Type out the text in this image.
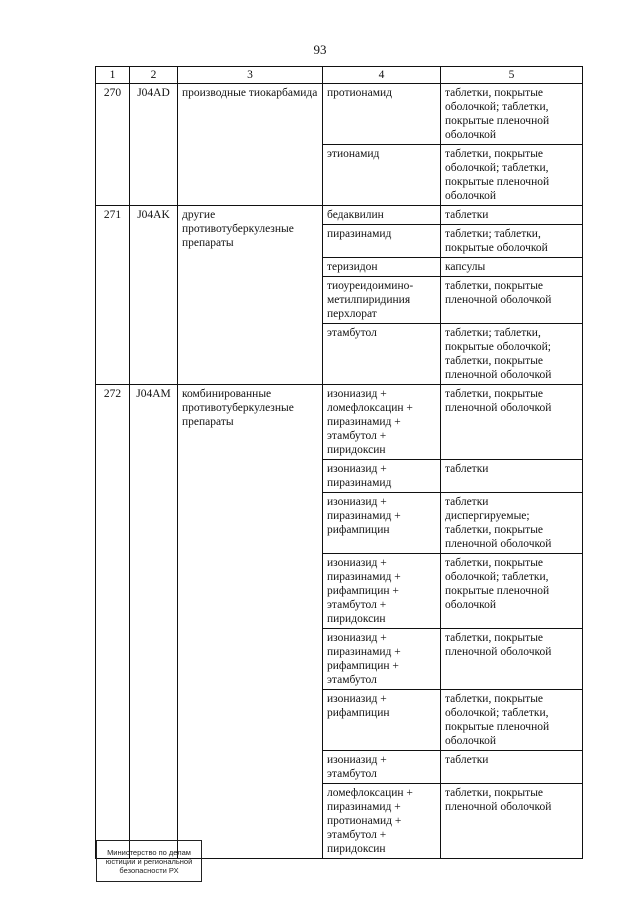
93
1	2	3	4	5
270	J04AD	производные тиокарбамида	протионамид	таблетки, покрытые
оболочкой; таблетки,
покрытые пленочной
оболочкой
			этионамид	таблетки, покрытые
оболочкой; таблетки,
покрытые пленочной
оболочкой
271	J04AK	другие противотуберкулезные препараты	бедаквилин	таблетки
			пиразинамид	таблетки; таблетки,
покрытые оболочкой
			теризидон	капсулы
			тиоуреидоимино-
метилпиридиния
перхлорат	таблетки, покрытые
пленочной оболочкой
			этамбутол	таблетки; таблетки,
покрытые оболочкой;
таблетки, покрытые
пленочной оболочкой
272	J04AM	комбинированные противотуберкулезные препараты	изониазид +
ломефлоксацин +
пиразинамид +
этамбутол +
пиридоксин	таблетки, покрытые
пленочной оболочкой
			изониазид +
пиразинамид	таблетки
			изониазид +
пиразинамид +
рифампицин	таблетки
диспергируемые;
таблетки, покрытые
пленочной оболочкой
			изониазид +
пиразинамид +
рифампицин +
этамбутол +
пиридоксин	таблетки, покрытые
оболочкой; таблетки,
покрытые пленочной
оболочкой
			изониазид +
пиразинамид +
рифампицин +
этамбутол	таблетки, покрытые
пленочной оболочкой
			изониазид +
рифампицин	таблетки, покрытые
оболочкой; таблетки,
покрытые пленочной
оболочкой
			изониазид +
этамбутол	таблетки
			ломефлоксацин +
пиразинамид +
протионамид +
этамбутол +
пиридоксин	таблетки, покрытые
пленочной оболочкой
Министерство по делам
юстиции и региональной
безопасности РХ
